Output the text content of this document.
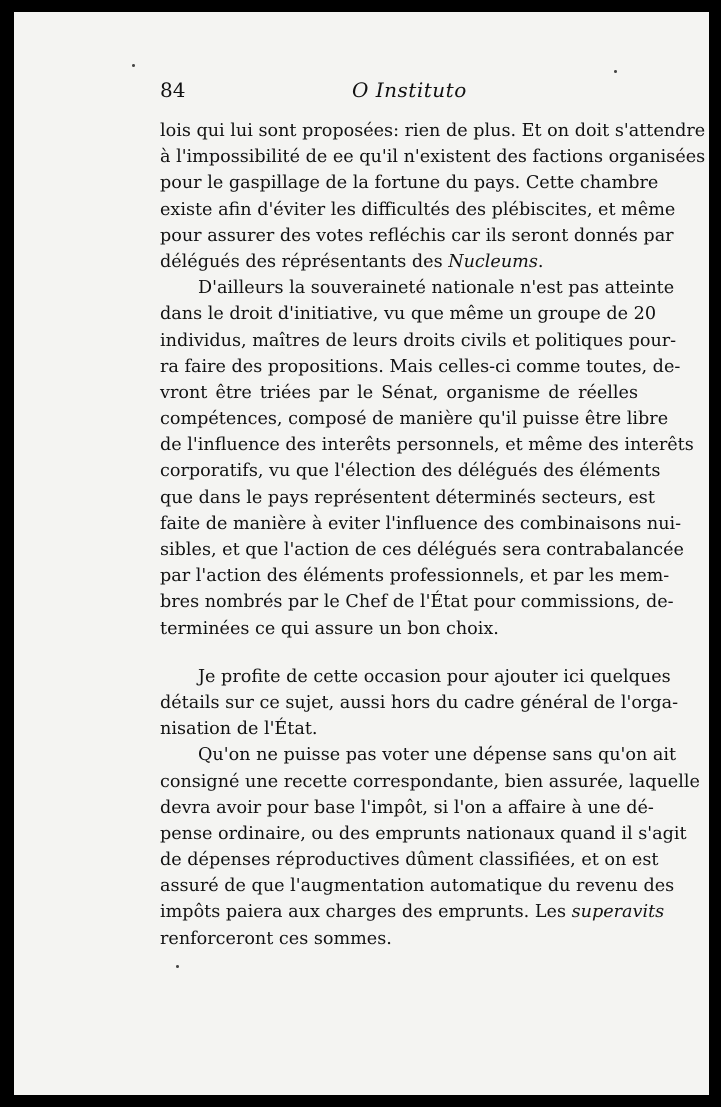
84	O Instituto
lois qui lui sont proposées: rien de plus. Et on doit s'attendre
à l'impossibilité de ee qu'il n'existent des factions organisées
pour le gaspillage de la fortune du pays. Cette chambre
existe afin d'éviter les difficultés des plébiscites, et même
pour assurer des votes refléchis car ils seront donnés par
délégués des réprésentants des Nucleums.
D'ailleurs la souveraineté nationale n'est pas atteinte
dans le droit d'initiative, vu que même un groupe de 20
individus, maîtres de leurs droits civils et politiques pour-
ra faire des propositions. Mais celles-ci comme toutes, de-
vront être triées par le Sénat, organisme de réelles
compétences, composé de manière qu'il puisse être libre
de l'influence des interêts personnels, et même des interêts
corporatifs, vu que l'élection des délégués des éléments
que dans le pays représentent déterminés secteurs, est
faite de manière à eviter l'influence des combinaisons nui-
sibles, et que l'action de ces délégués sera contrabalancée
par l'action des éléments professionnels, et par les mem-
bres nombrés par le Chef de l'État pour commissions, de-
terminées ce qui assure un bon choix.
Je profite de cette occasion pour ajouter ici quelques
détails sur ce sujet, aussi hors du cadre général de l'orga-
nisation de l'État.
Qu'on ne puisse pas voter une dépense sans qu'on ait
consigné une recette correspondante, bien assurée, laquelle
devra avoir pour base l'impôt, si l'on a affaire à une dé-
pense ordinaire, ou des emprunts nationaux quand il s'agit
de dépenses réproductives dûment classifiées, et on est
assuré de que l'augmentation automatique du revenu des
impôts paiera aux charges des emprunts. Les superavits
renforceront ces sommes.
